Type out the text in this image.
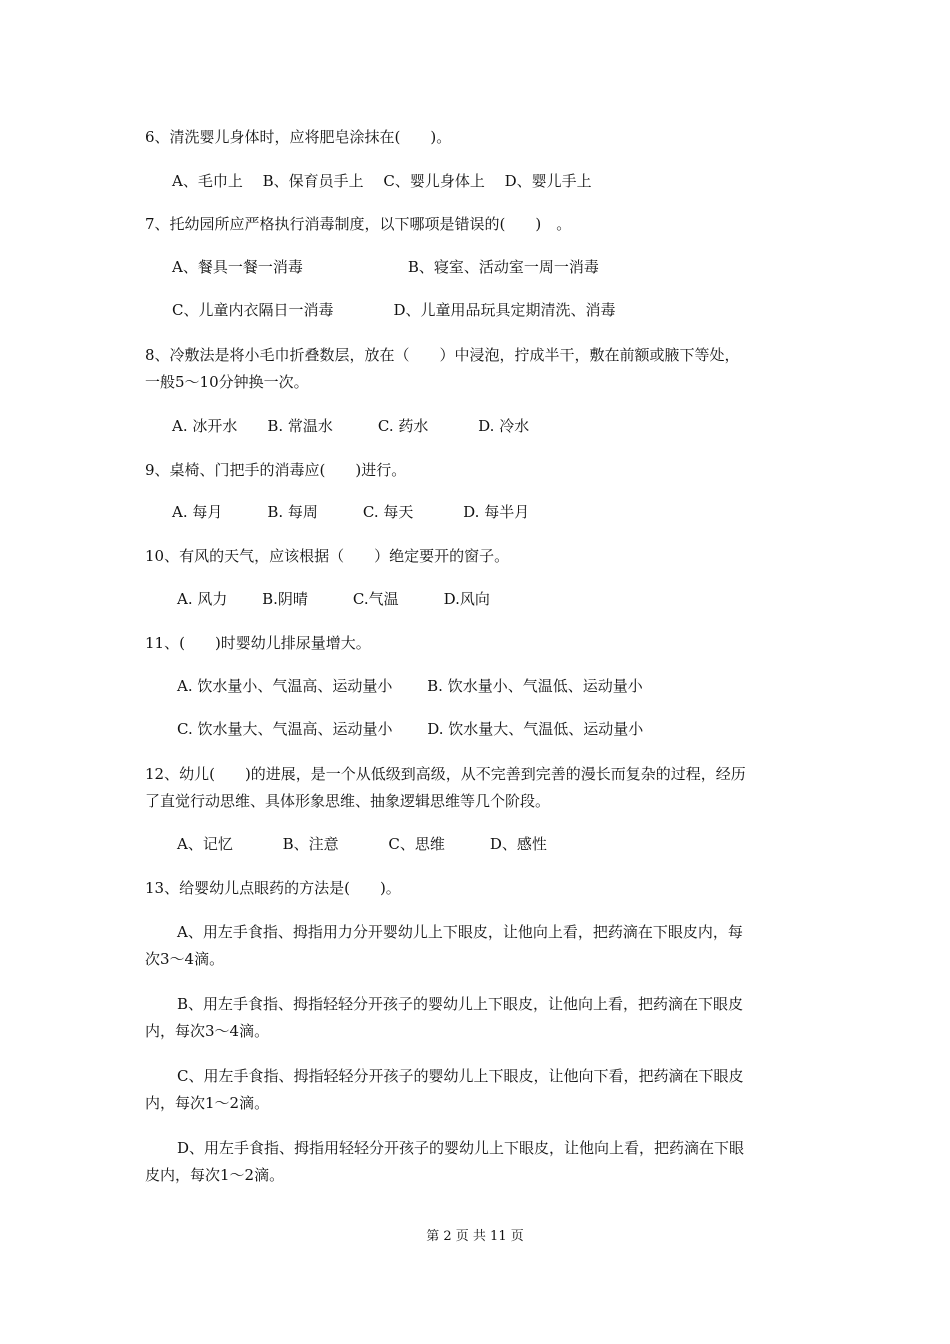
6、清洗婴儿身体时，应将肥皂涂抹在(　　)。
A、毛巾上　 B、保育员手上　 C、婴儿身体上　 D、婴儿手上
7、托幼园所应严格执行消毒制度，以下哪项是错误的(　　)　。
A、餐具一餐一消毒　　　　　　　B、寝室、活动室一周一消毒
C、儿童内衣隔日一消毒　　　　D、儿童用品玩具定期清洗、消毒
8、冷敷法是将小毛巾折叠数层，放在（　　）中浸泡，拧成半干，敷在前额或腋下等处，
一般5～10分钟换一次。
A. 冰开水　　B. 常温水　　　C. 药水　　　 D. 冷水
9、桌椅、门把手的消毒应(　　)进行。
A. 每月　　　B. 每周　　　C. 每天　　　 D. 每半月
10、有风的天气，应该根据（　　）绝定要开的窗子。
A. 风力　　 B.阴晴　　　C.气温　　　D.风向
11、(　　)时婴幼儿排尿量增大。
A. 饮水量小、气温高、运动量小　　 B. 饮水量小、气温低、运动量小
C. 饮水量大、气温高、运动量小　　 D. 饮水量大、气温低、运动量小
12、幼儿(　　)的进展，是一个从低级到高级，从不完善到完善的漫长而复杂的过程，经历
了直觉行动思维、具体形象思维、抽象逻辑思维等几个阶段。
A、记忆　　　 B、注意　　　 C、思维　　　D、感性
13、给婴幼儿点眼药的方法是(　　)。
A、用左手食指、拇指用力分开婴幼儿上下眼皮，让他向上看，把药滴在下眼皮内，每
次3～4滴。
B、用左手食指、拇指轻轻分开孩子的婴幼儿上下眼皮，让他向上看，把药滴在下眼皮
内，每次3～4滴。
C、用左手食指、拇指轻轻分开孩子的婴幼儿上下眼皮，让他向下看，把药滴在下眼皮
内，每次1～2滴。
D、用左手食指、拇指用轻轻分开孩子的婴幼儿上下眼皮，让他向上看，把药滴在下眼
皮内，每次1～2滴。
第 2 页 共 11 页
